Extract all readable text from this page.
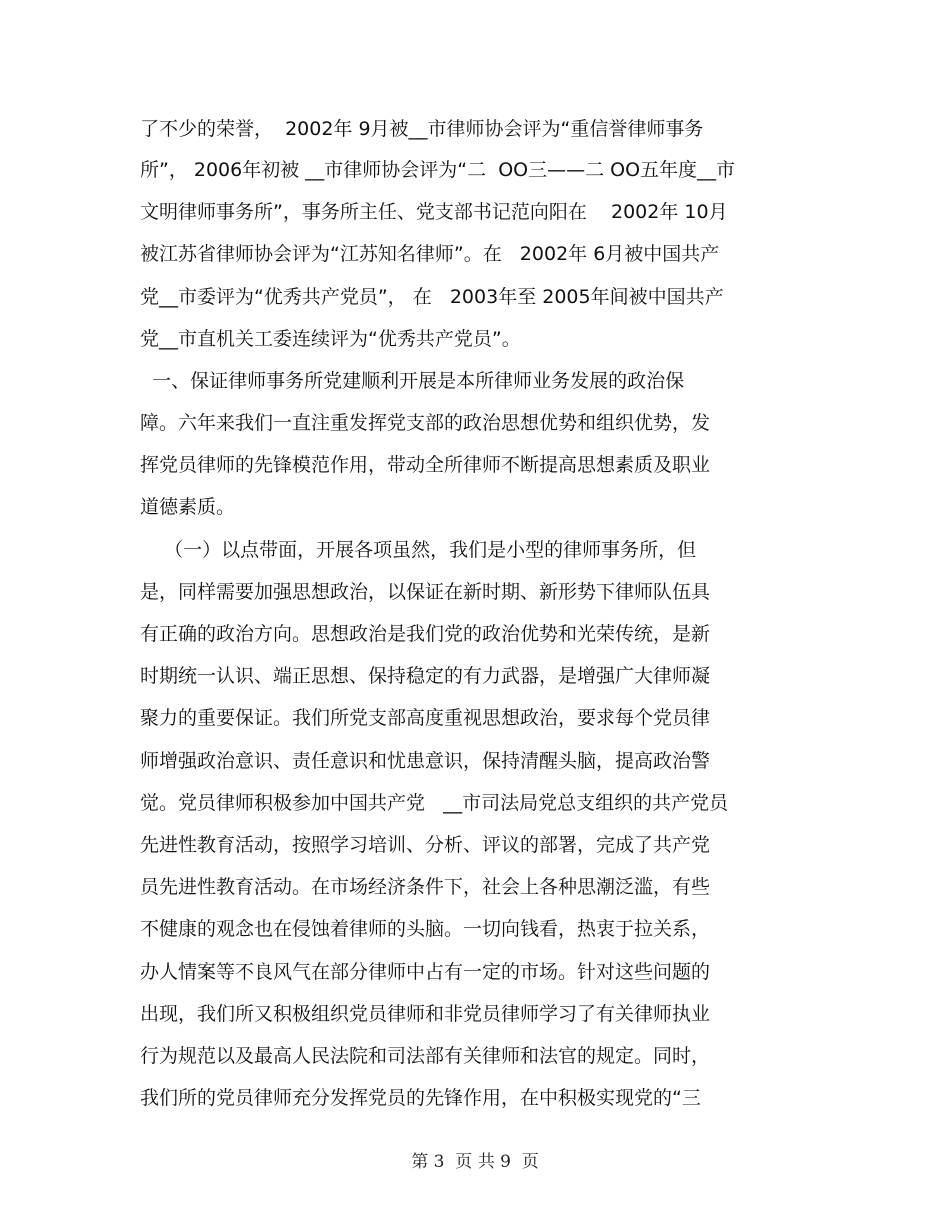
了不少的荣誉，  2002年 9月被__市律师协会评为“重信誉律师事务
所”， 2006年初被 __市律师协会评为“二  OO三——二 OO五年度__市
文明律师事务所”，事务所主任、党支部书记范向阳在    2002年 10月
被江苏省律师协会评为“江苏知名律师”。在   2002年 6月被中国共产
党__市委评为“优秀共产党员”， 在   2003年至 2005年间被中国共产
党__市直机关工委连续评为“优秀共产党员”。
一、保证律师事务所党建顺利开展是本所律师业务发展的政治保
障。六年来我们一直注重发挥党支部的政治思想优势和组织优势，发
挥党员律师的先锋模范作用，带动全所律师不断提高思想素质及职业
道德素质。
（一）以点带面，开展各项虽然，我们是小型的律师事务所，但
是，同样需要加强思想政治，以保证在新时期、新形势下律师队伍具
有正确的政治方向。思想政治是我们党的政治优势和光荣传统，是新
时期统一认识、端正思想、保持稳定的有力武器，是增强广大律师凝
聚力的重要保证。我们所党支部高度重视思想政治，要求每个党员律
师增强政治意识、责任意识和忧患意识，保持清醒头脑，提高政治警
觉。党员律师积极参加中国共产党   __市司法局党总支组织的共产党员
先进性教育活动，按照学习培训、分析、评议的部署，完成了共产党
员先进性教育活动。在市场经济条件下，社会上各种思潮泛滥，有些
不健康的观念也在侵蚀着律师的头脑。一切向钱看，热衷于拉关系，
办人情案等不良风气在部分律师中占有一定的市场。针对这些问题的
出现，我们所又积极组织党员律师和非党员律师学习了有关律师执业
行为规范以及最高人民法院和司法部有关律师和法官的规定。同时，
我们所的党员律师充分发挥党员的先锋作用，在中积极实现党的“三
第 3  页 共 9  页
